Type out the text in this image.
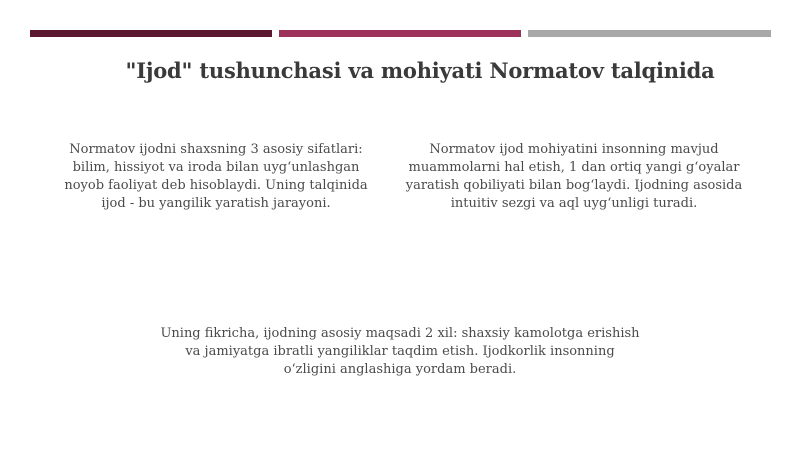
"Ijod" tushunchasi va mohiyati Normatov talqinida
Normatov ijodni shaxsning 3 asosiy sifatlari: bilim, hissiyot va iroda bilan uyg‘unlashgan noyob faoliyat deb hisoblaydi. Uning talqinida ijod - bu yangilik yaratish jarayoni.
Normatov ijod mohiyatini insonning mavjud muammolarni hal etish, 1 dan ortiq yangi g‘oyalar yaratish qobiliyati bilan bog‘laydi. Ijodning asosida intuitiv sezgi va aql uyg‘unligi turadi.
Uning fikricha, ijodning asosiy maqsadi 2 xil: shaxsiy kamolotga erishish va jamiyatga ibratli yangiliklar taqdim etish. Ijodkorlik insonning o‘zligini anglashiga yordam beradi.
